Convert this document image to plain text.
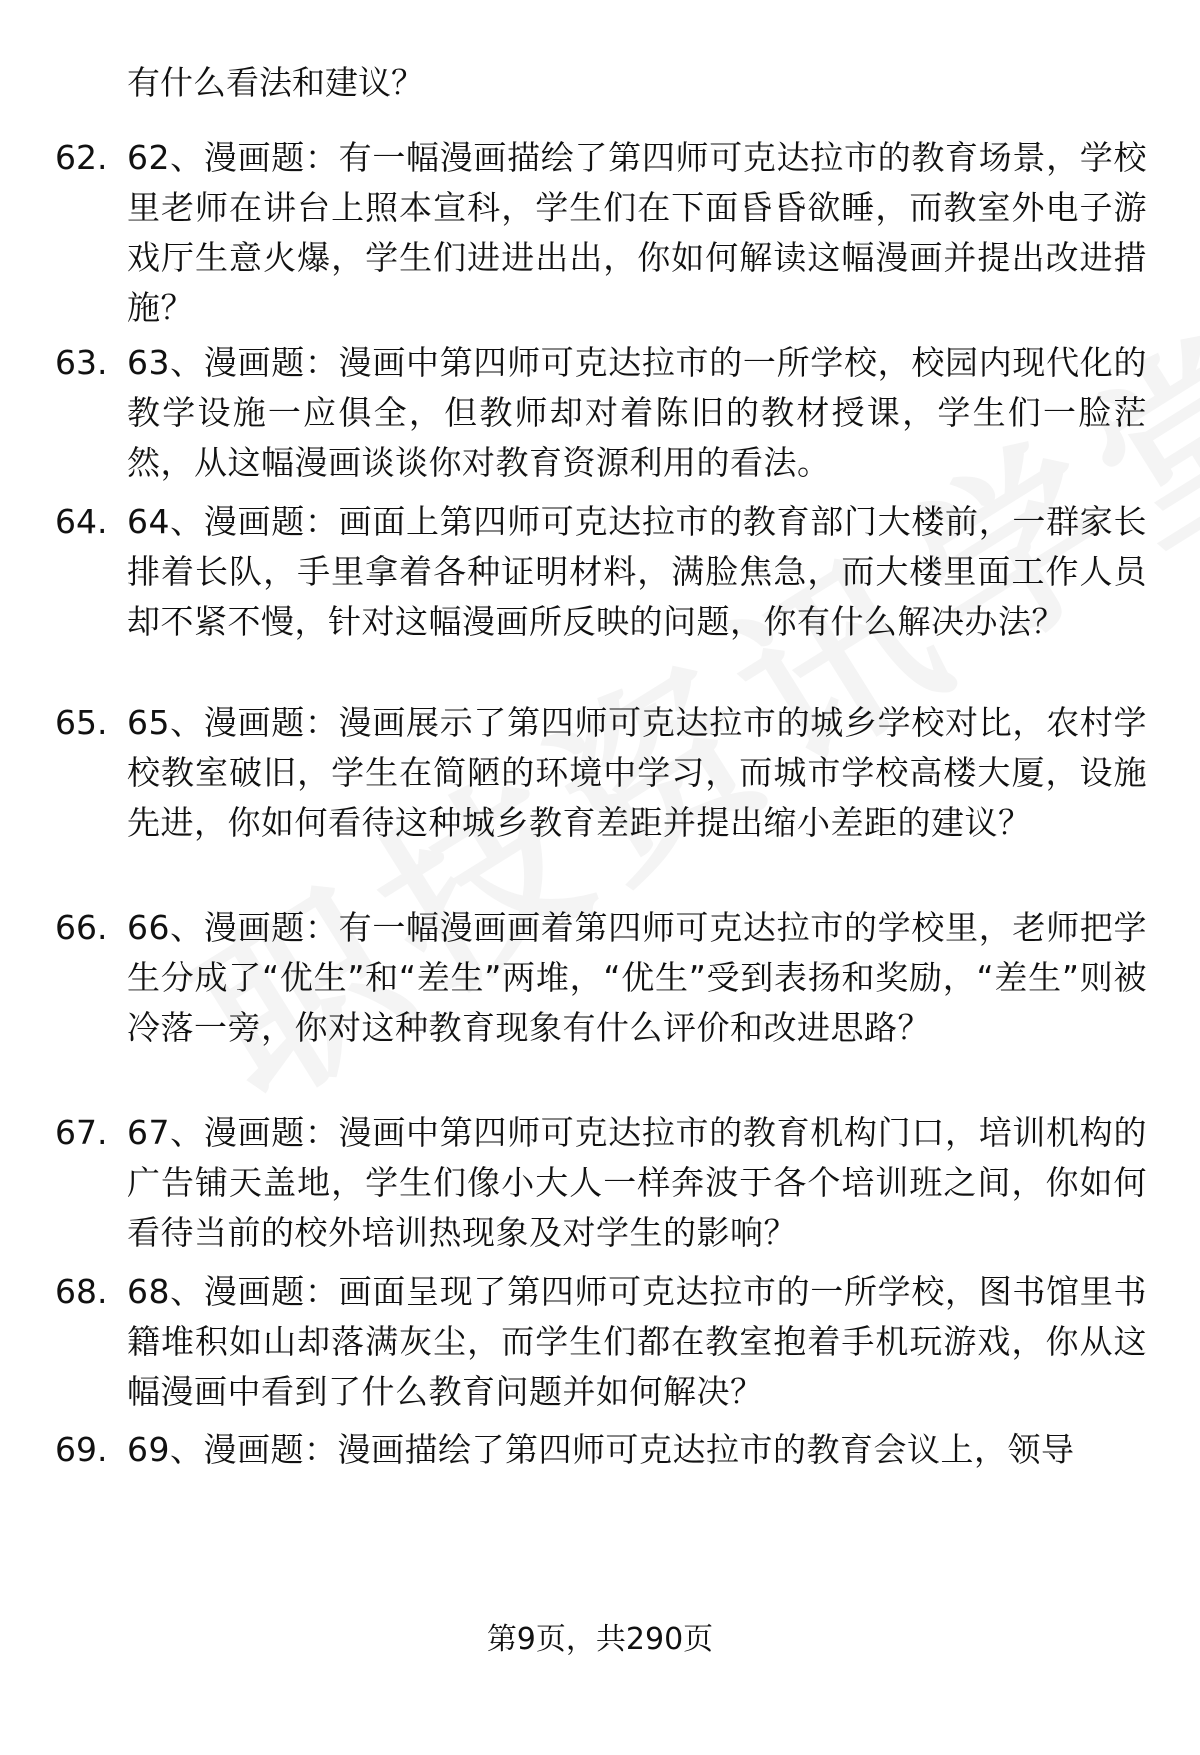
有什么看法和建议？
62. 62、漫画题：有一幅漫画描绘了第四师可克达拉市的教育场景，学校里老师在讲台上照本宣科，学生们在下面昏昏欲睡，而教室外电子游戏厅生意火爆，学生们进进出出，你如何解读这幅漫画并提出改进措施？
63. 63、漫画题：漫画中第四师可克达拉市的一所学校，校园内现代化的教学设施一应俱全，但教师却对着陈旧的教材授课，学生们一脸茫然，从这幅漫画谈谈你对教育资源利用的看法。
64. 64、漫画题：画面上第四师可克达拉市的教育部门大楼前，一群家长排着长队，手里拿着各种证明材料，满脸焦急，而大楼里面工作人员却不紧不慢，针对这幅漫画所反映的问题，你有什么解决办法？
65. 65、漫画题：漫画展示了第四师可克达拉市的城乡学校对比，农村学校教室破旧，学生在简陋的环境中学习，而城市学校高楼大厦，设施先进，你如何看待这种城乡教育差距并提出缩小差距的建议？
66. 66、漫画题：有一幅漫画画着第四师可克达拉市的学校里，老师把学生分成了“优生”和“差生”两堆，“优生”受到表扬和奖励，“差生”则被冷落一旁，你对这种教育现象有什么评价和改进思路？
67. 67、漫画题：漫画中第四师可克达拉市的教育机构门口，培训机构的广告铺天盖地，学生们像小大人一样奔波于各个培训班之间，你如何看待当前的校外培训热现象及对学生的影响？
68. 68、漫画题：画面呈现了第四师可克达拉市的一所学校，图书馆里书籍堆积如山却落满灰尘，而学生们都在教室抱着手机玩游戏，你从这幅漫画中看到了什么教育问题并如何解决？
69. 69、漫画题：漫画描绘了第四师可克达拉市的教育会议上，领导
第9页，共290页
